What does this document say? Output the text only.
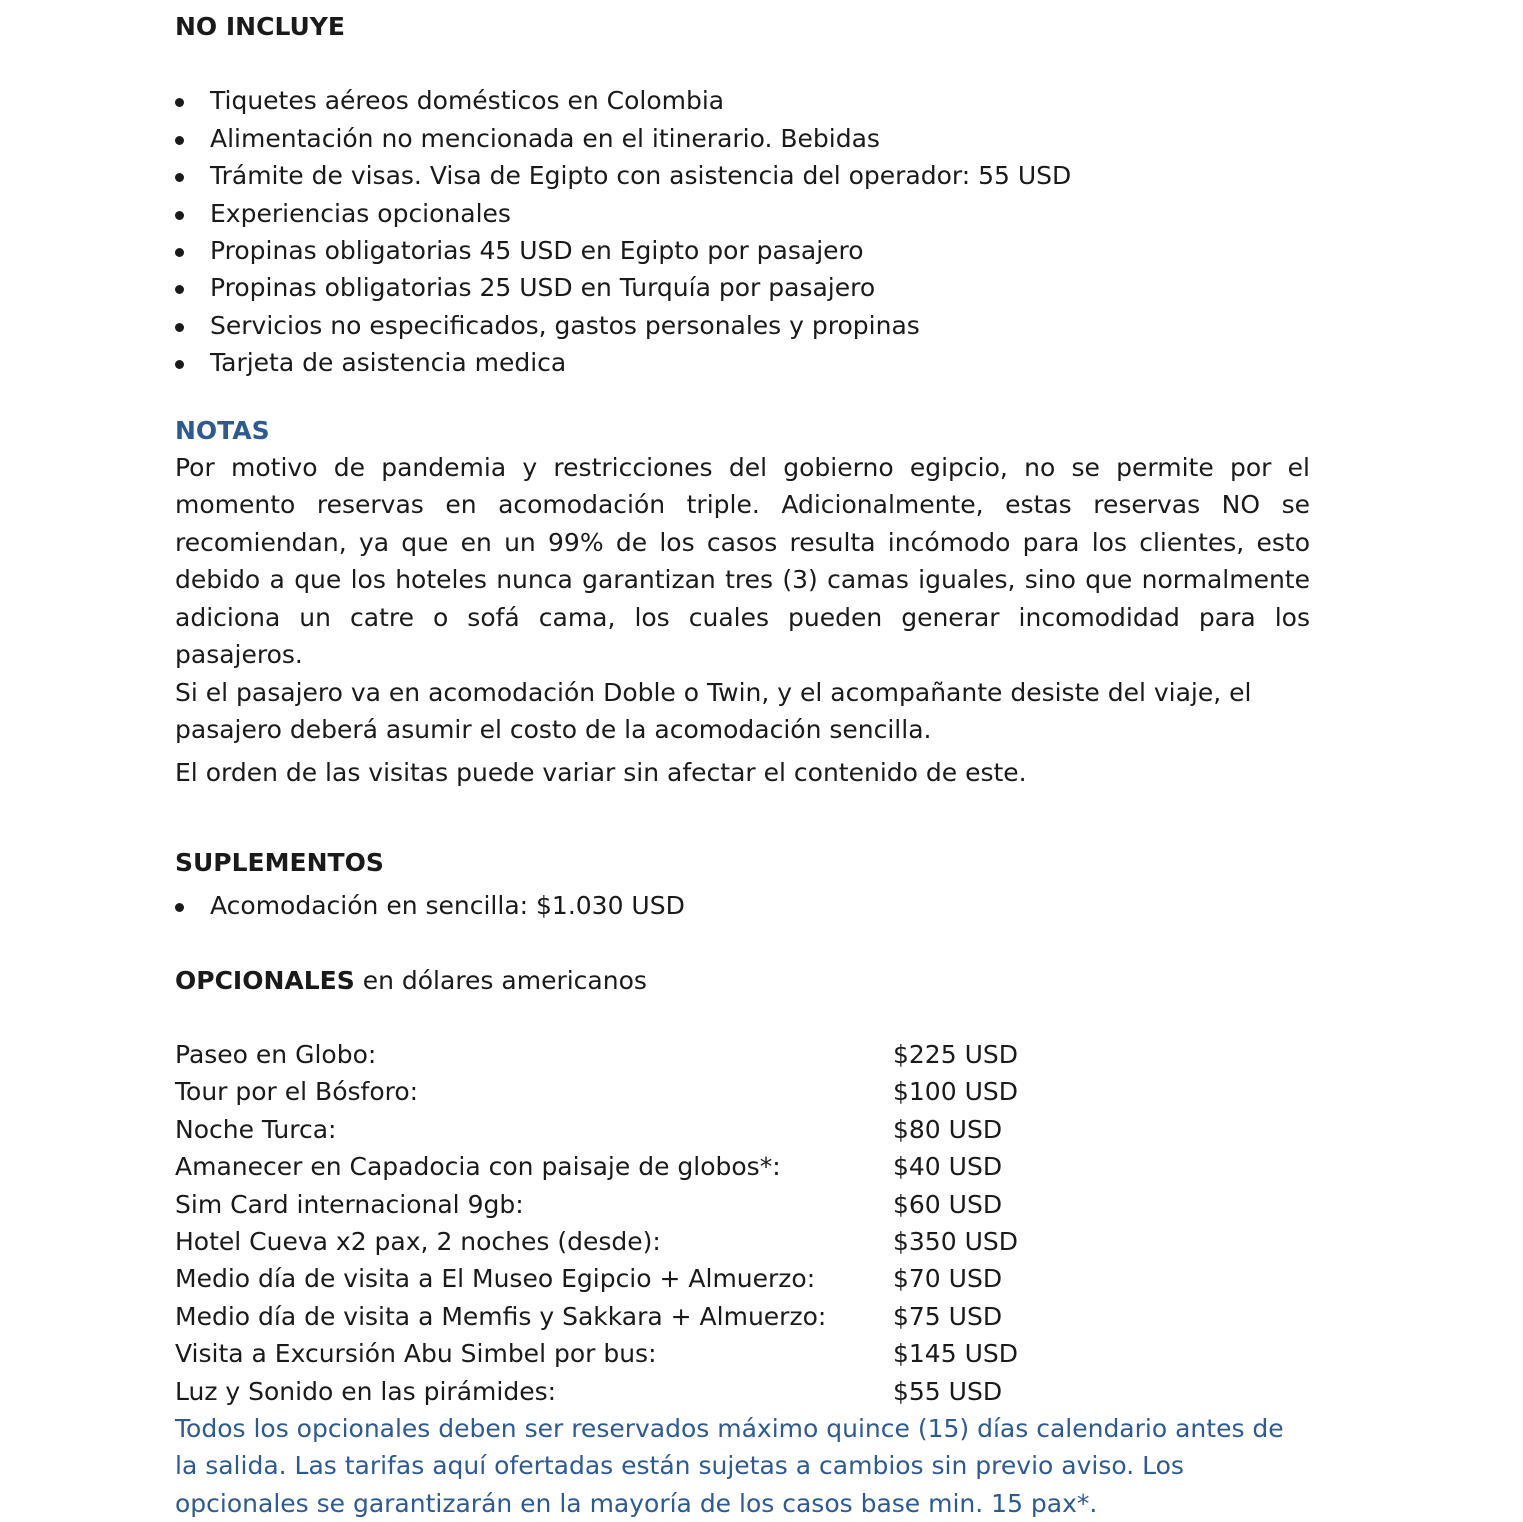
NO INCLUYE

Tiquetes aéreos domésticos en Colombia
Alimentación no mencionada en el itinerario. Bebidas
Trámite de visas. Visa de Egipto con asistencia del operador: 55 USD
Experiencias opcionales
Propinas obligatorias 45 USD en Egipto por pasajero
Propinas obligatorias 25 USD en Turquía por pasajero
Servicios no especificados, gastos personales y propinas
Tarjeta de asistencia medica

NOTAS

Por motivo de pandemia y restricciones del gobierno egipcio, no se permite por el momento reservas en acomodación triple. Adicionalmente, estas reservas NO se recomiendan, ya que en un 99% de los casos resulta incómodo para los clientes, esto debido a que los hoteles nunca garantizan tres (3) camas iguales, sino que normalmente adiciona un catre o sofá cama, los cuales pueden generar incomodidad para los pasajeros.

Si el pasajero va en acomodación Doble o Twin, y el acompañante desiste del viaje, el pasajero deberá asumir el costo de la acomodación sencilla.

El orden de las visitas puede variar sin afectar el contenido de este.

SUPLEMENTOS

Acomodación en sencilla: $1.030 USD

OPCIONALES en dólares americanos

Paseo en Globo:	$225 USD
Tour por el Bósforo:	$100 USD
Noche Turca:	$80 USD
Amanecer en Capadocia con paisaje de globos*:	$40 USD
Sim Card internacional 9gb:	$60 USD
Hotel Cueva x2 pax, 2 noches (desde):	$350 USD
Medio día de visita a El Museo Egipcio + Almuerzo:	$70 USD
Medio día de visita a Memfis y Sakkara + Almuerzo:	$75 USD
Visita a Excursión Abu Simbel por bus:	$145 USD
Luz y Sonido en las pirámides:	$55 USD

Todos los opcionales deben ser reservados máximo quince (15) días calendario antes de la salida. Las tarifas aquí ofertadas están sujetas a cambios sin previo aviso. Los opcionales se garantizarán en la mayoría de los casos base min. 15 pax*.
